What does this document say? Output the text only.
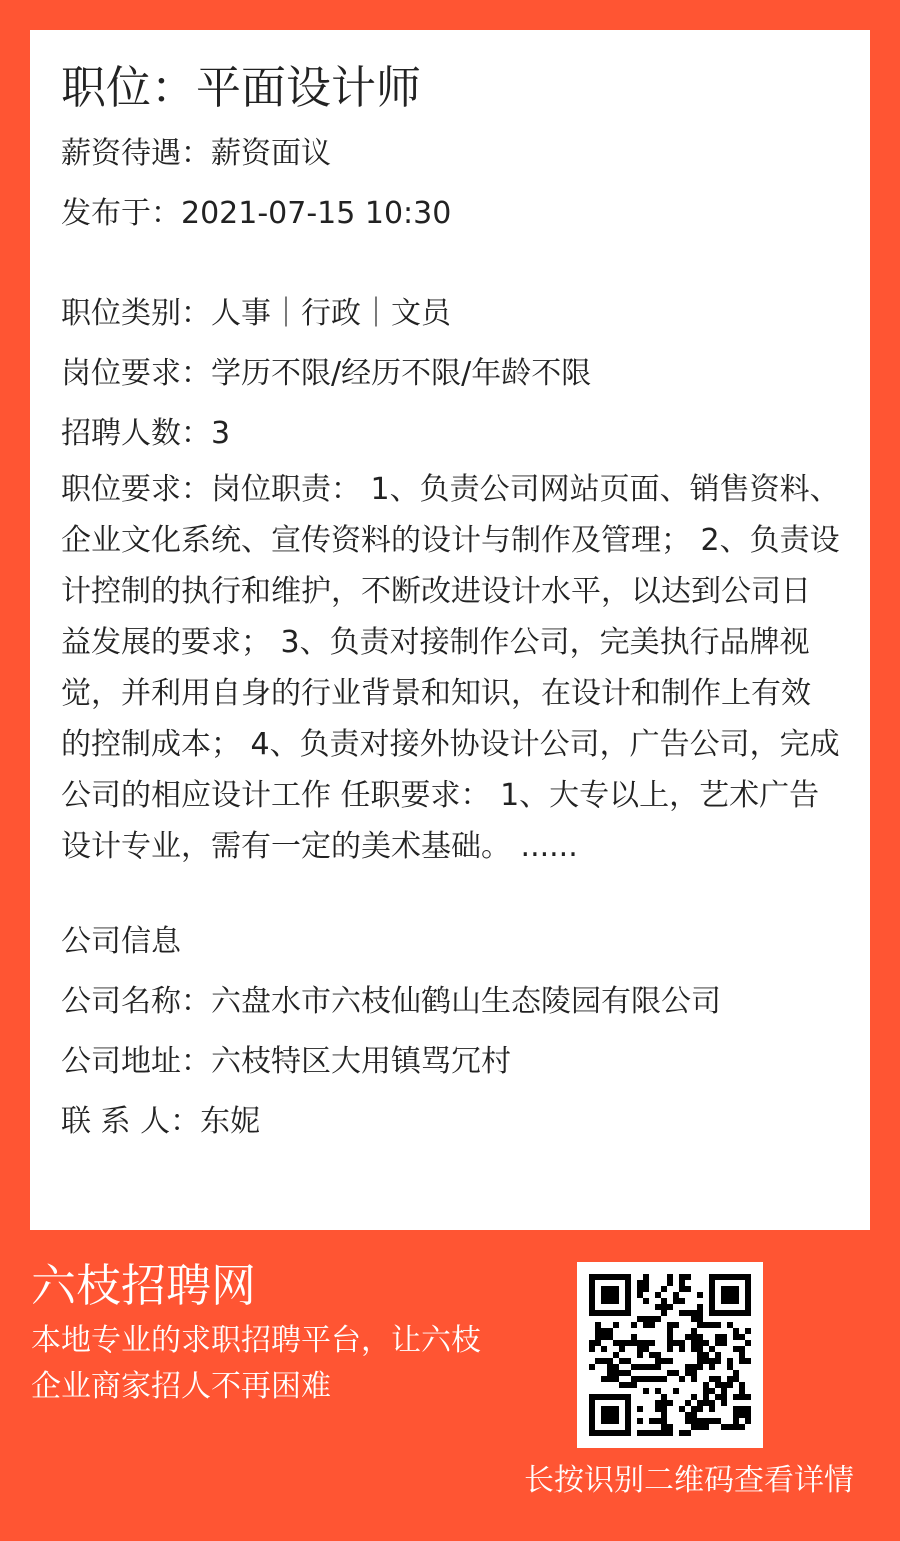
职位：平面设计师
薪资待遇：薪资面议
发布于：2021-07-15 10:30
职位类别：人事｜行政｜文员
岗位要求：学历不限/经历不限/年龄不限
招聘人数：3
职位要求：岗位职责： 1、负责公司网站页面、销售资料、企业文化系统、宣传资料的设计与制作及管理； 2、负责设计控制的执行和维护，不断改进设计水平，以达到公司日益发展的要求； 3、负责对接制作公司，完美执行品牌视觉，并利用自身的行业背景和知识，在设计和制作上有效的控制成本； 4、负责对接外协设计公司，广告公司，完成公司的相应设计工作 任职要求： 1、大专以上，艺术广告设计专业，需有一定的美术基础。 ......
公司信息
公司名称：六盘水市六枝仙鹤山生态陵园有限公司
公司地址：六枝特区大用镇骂冗村
联 系 人：东妮
六枝招聘网
本地专业的求职招聘平台，让六枝企业商家招人不再困难
长按识别二维码查看详情
